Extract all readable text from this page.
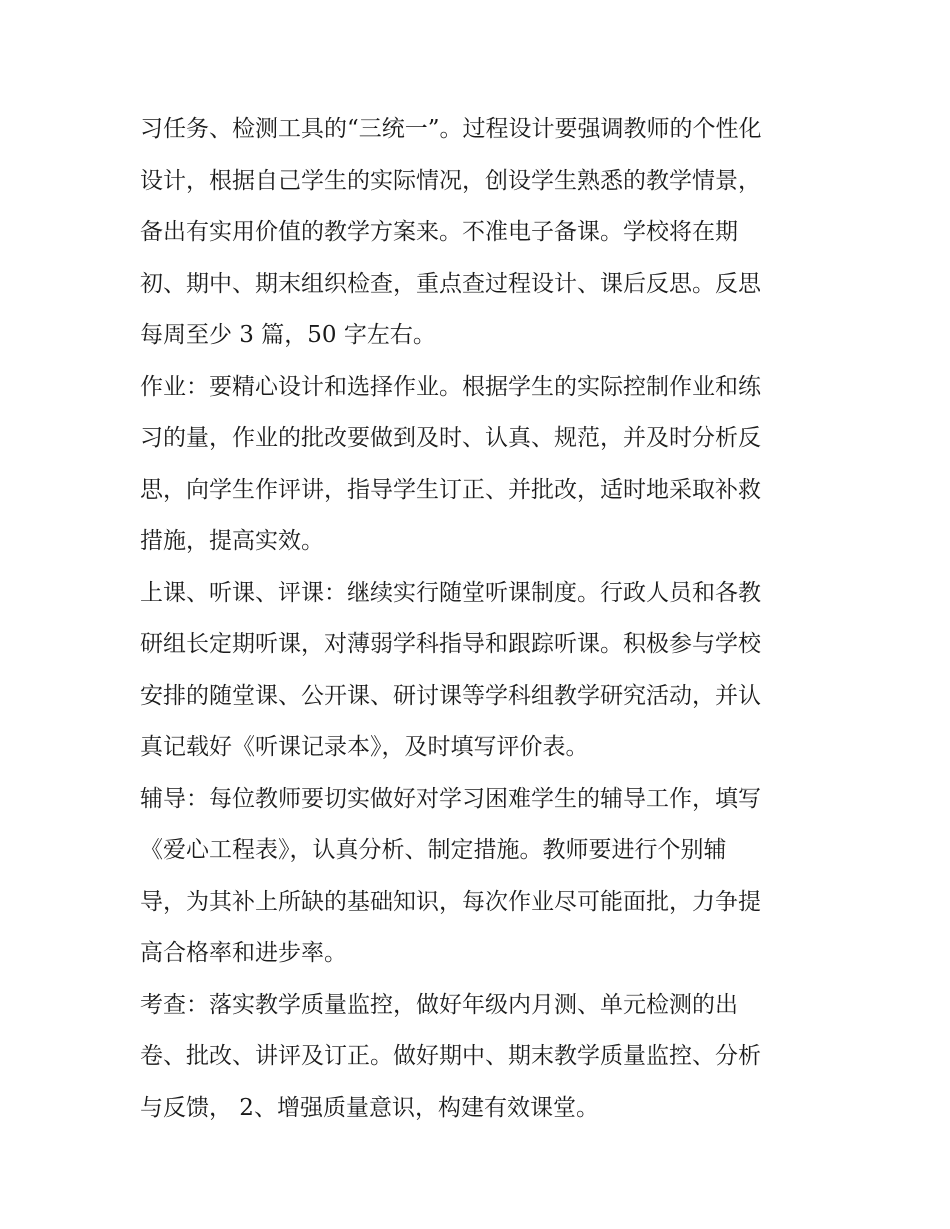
习任务、检测工具的“三统一”。过程设计要强调教师的个性化
设计，根据自己学生的实际情况，创设学生熟悉的教学情景，
备出有实用价值的教学方案来。不准电子备课。学校将在期
初、期中、期末组织检查，重点查过程设计、课后反思。反思
每周至少 3 篇，50 字左右。
作业：要精心设计和选择作业。根据学生的实际控制作业和练
习的量，作业的批改要做到及时、认真、规范，并及时分析反
思，向学生作评讲，指导学生订正、并批改，适时地采取补救
措施，提高实效。
上课、听课、评课：继续实行随堂听课制度。行政人员和各教
研组长定期听课，对薄弱学科指导和跟踪听课。积极参与学校
安排的随堂课、公开课、研讨课等学科组教学研究活动，并认
真记载好《听课记录本》，及时填写评价表。
辅导：每位教师要切实做好对学习困难学生的辅导工作，填写
《爱心工程表》，认真分析、制定措施。教师要进行个别辅
导，为其补上所缺的基础知识，每次作业尽可能面批，力争提
高合格率和进步率。
考查：落实教学质量监控，做好年级内月测、单元检测的出
卷、批改、讲评及订正。做好期中、期末教学质量监控、分析
与反馈， 2、增强质量意识，构建有效课堂。
